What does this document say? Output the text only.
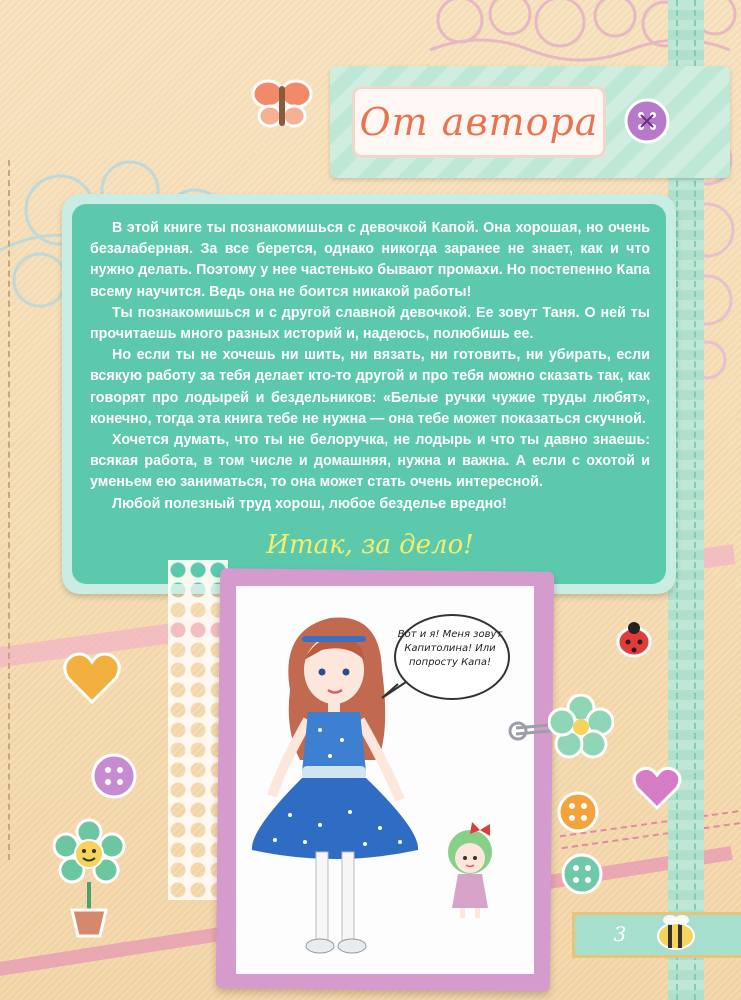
От автора

В этой книге ты познакомишься с девочкой Капой. Она хорошая, но очень безалаберная. За все берется, однако никогда заранее не знает, как и что нужно делать. Поэтому у нее частенько бывают промахи. Но постепенно Капа всему научится. Ведь она не боится никакой работы!

Ты познакомишься и с другой славной девочкой. Ее зовут Таня. О ней ты прочитаешь много разных историй и, надеюсь, полюбишь ее.

Но если ты не хочешь ни шить, ни вязать, ни готовить, ни убирать, если всякую работу за тебя делает кто-то другой и про тебя можно сказать так, как говорят про лодырей и бездельников: «Белые ручки чужие труды любят», конечно, тогда эта книга тебе не нужна — она тебе может показаться скучной.

Хочется думать, что ты не белоручка, не лодырь и что ты давно знаешь: всякая работа, в том числе и домашняя, нужна и важна. А если с охотой и уменьем ею заниматься, то она может стать очень интересной.

Любой полезный труд хорош, любое безделье вредно!

Итак, за дело!
Вот и я! Меня зовут Капитолина! Или попросту Капа!
3
